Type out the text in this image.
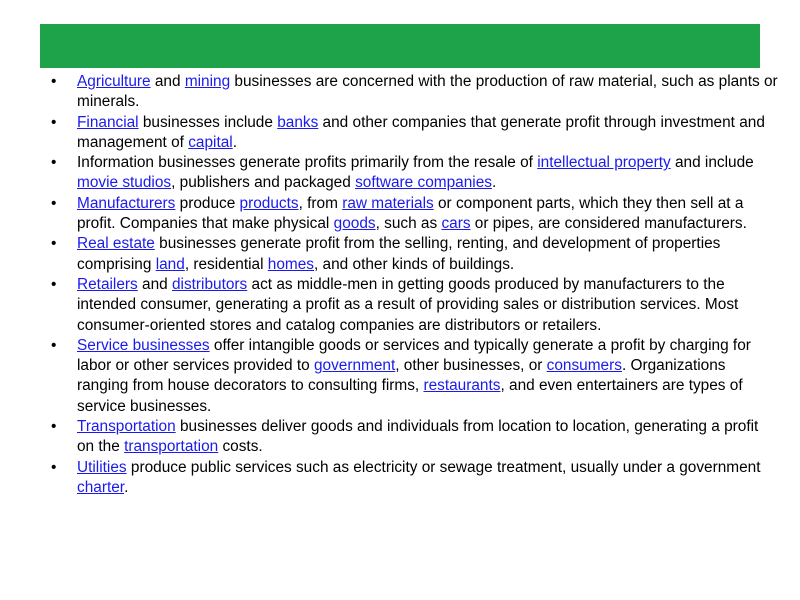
• Agriculture and mining businesses are concerned with the production of raw material, such as plants or minerals.
• Financial businesses include banks and other companies that generate profit through investment and management of capital.
• Information businesses generate profits primarily from the resale of intellectual property and include movie studios, publishers and packaged software companies.
• Manufacturers produce products, from raw materials or component parts, which they then sell at a profit. Companies that make physical goods, such as cars or pipes, are considered manufacturers.
• Real estate businesses generate profit from the selling, renting, and development of properties comprising land, residential homes, and other kinds of buildings.
• Retailers and distributors act as middle-men in getting goods produced by manufacturers to the intended consumer, generating a profit as a result of providing sales or distribution services. Most consumer-oriented stores and catalog companies are distributors or retailers.
• Service businesses offer intangible goods or services and typically generate a profit by charging for labor or other services provided to government, other businesses, or consumers. Organizations ranging from house decorators to consulting firms, restaurants, and even entertainers are types of service businesses.
• Transportation businesses deliver goods and individuals from location to location, generating a profit on the transportation costs.
• Utilities produce public services such as electricity or sewage treatment, usually under a government charter.
